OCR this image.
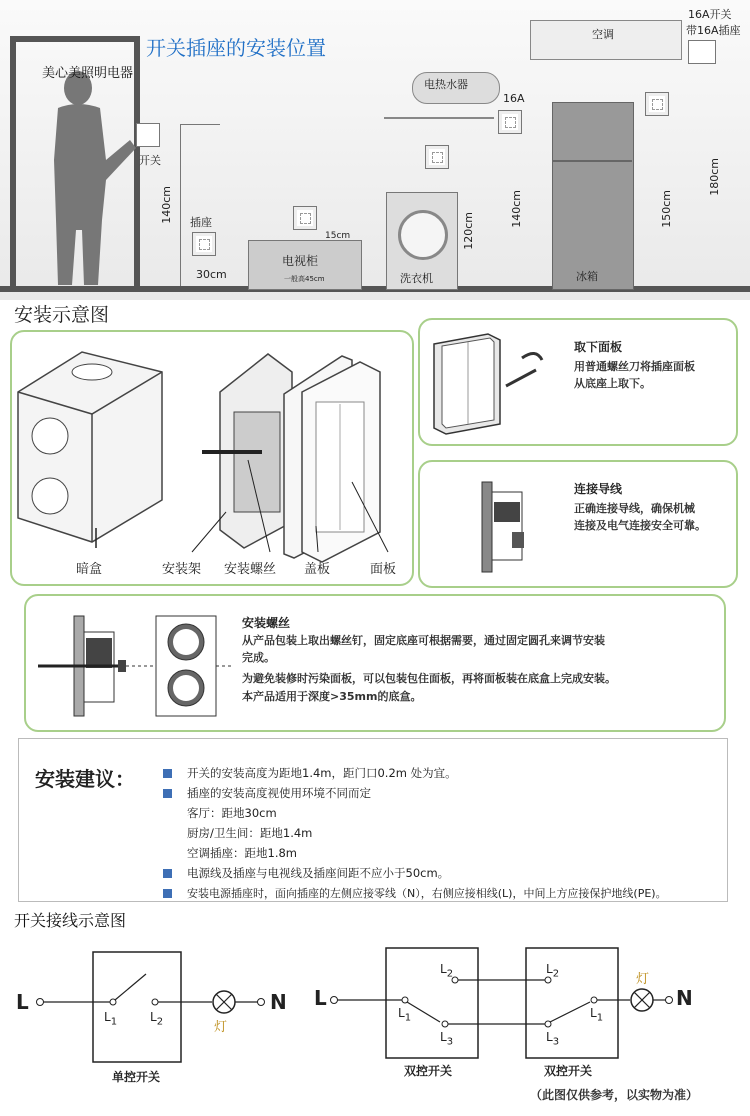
开关插座的安装位置
美心美照明电器
开关
140cm 插座
30cm
电视柜
一般高45cm
15cm
电热水器
16A
140cm
洗衣机
120cm
冰箱
150cm
空调
16A开关
带16A插座
180cm
安装示意图
暗盒	安装架 安装螺丝 盖板	面板
取下面板
用普通螺丝刀将插座面板
从底座上取下。
连接导线
正确连接导线，确保机械
连接及电气连接安全可靠。
安装螺丝
从产品包装上取出螺丝钉，固定底座可根据需要，通过固定圆孔来调节安装
完成。
为避免装修时污染面板，可以包装包住面板，再将面板装在底盒上完成安装。
本产品适用于深度>35mm的底盒。
安装建议：	开关的安装高度为距地1.4m，距门口0.2m 处为宜。
插座的安装高度视使用环境不同而定
客厅：距地30cm
厨房/卫生间：距地1.4m
空调插座：距地1.8m
电源线及插座与电视线及插座间距不应小于50cm。
安装电源插座时，面向插座的左侧应接零线（N），右侧应接相线(L)，中间上方应接保护地线(PE)。
开关接线示意图
L	N
$L_1$	$L_2$	灯
单控开关
L	N
$L_2$
$L_1$
$L_3$
$L_2$
$L_3$
$L_1$
灯
双控开关	双控开关
（此图仅供参考，以实物为准）
